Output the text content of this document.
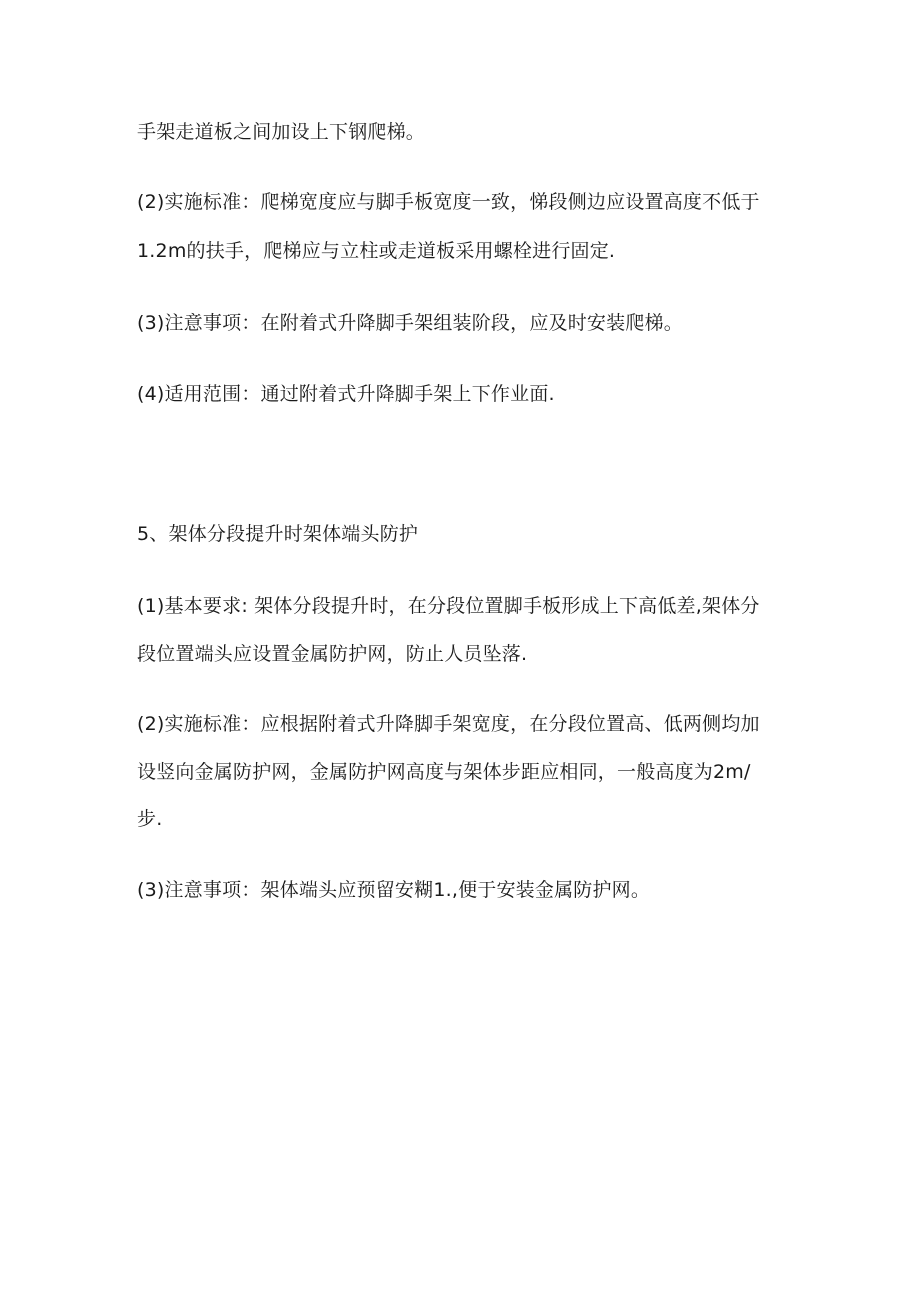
手架走道板之间加设上下钢爬梯。
(2)实施标准：爬梯宽度应与脚手板宽度一致，悌段侧边应设置高度不低于
1.2m的扶手，爬梯应与立柱或走道板采用螺栓进行固定.
(3)注意事项：在附着式升降脚手架组装阶段，应及时安装爬梯。
(4)适用范围：通过附着式升降脚手架上下作业面.
5、架体分段提升时架体端头防护
(1)基本要求: 架体分段提升时，在分段位置脚手板形成上下高低差,架体分
段位置端头应设置金属防护网，防止人员坠落.
(2)实施标准：应根据附着式升降脚手架宽度，在分段位置高、低两侧均加
设竖向金属防护网，金属防护网高度与架体步距应相同，一般高度为2m∕
步.
(3)注意事项：架体端头应预留安糊1.,便于安装金属防护网。
